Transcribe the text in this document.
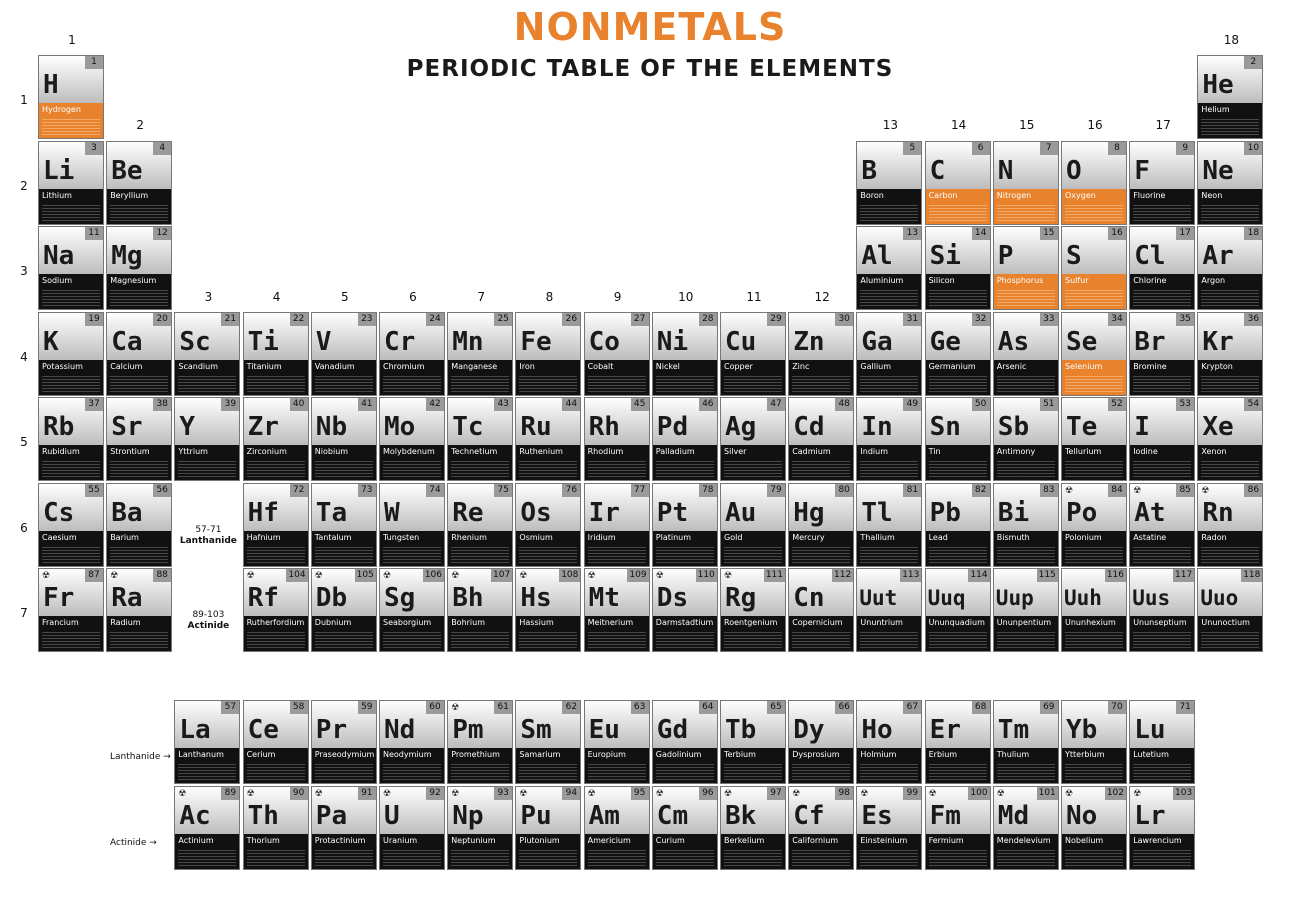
NONMETALS
PERIODIC TABLE OF THE ELEMENTS
1
2
3	4	5	6	7	8	9	10	11	12
13	14	15	16	17
18
1
2
3
4
5
6
7
1
H
Hydrogen
2
He
Helium
3
Li
Lithium
4
Be
Beryllium
5
B
Boron
6
C
Carbon
7
N
Nitrogen
8
O
Oxygen
9
F
Fluorine
10
Ne
Neon
11
Na
Sodium
12
Mg
Magnesium
13
Al
Aluminium
14
Si
Silicon
15
P
Phosphorus
16
S
Sulfur
17
Cl
Chlorine
18
Ar
Argon
19
K
Potassium
20
Ca
Calcium
21
Sc
Scandium
22
Ti
Titanium
23
V
Vanadium
24
Cr
Chromium
25
Mn
Manganese
26
Fe
Iron
27
Co
Cobalt
28
Ni
Nickel
29
Cu
Copper
30
Zn
Zinc
31
Ga
Gallium
32
Ge
Germanium
33
As
Arsenic
34
Se
Selenium
35
Br
Bromine
36
Kr
Krypton
37
Rb
Rubidium
38
Sr
Strontium
39
Y
Yttrium
40
Zr
Zirconium
41
Nb
Niobium
42
Mo
Molybdenum
43
Tc
Technetium
44
Ru
Ruthenium
45
Rh
Rhodium
46
Pd
Palladium
47
Ag
Silver
48
Cd
Cadmium
49
In
Indium
50
Sn
Tin
51
Sb
Antimony
52
Te
Tellurium
53
I
Iodine
54
Xe
Xenon
55
Cs
Caesium
56
Ba
Barium
72
Hf
Hafnium
73
Ta
Tantalum
74
W
Tungsten
75
Re
Rhenium
76
Os
Osmium
77
Ir
Iridium
78
Pt
Platinum
79
Au
Gold
80
Hg
Mercury
81
Tl
Thallium
82
Pb
Lead
83
Bi
Bismuth
☢	84
Po
Polonium
☢	85
At
Astatine
☢	86
Rn
Radon
☢	87
Fr
Francium
☢	88
Ra
Radium
☢	104
Rf
Rutherfordium
☢	105
Db
Dubnium
☢	106
Sg
Seaborgium
☢	107
Bh
Bohrium
☢	108
Hs
Hassium
☢	109
Mt
Meitnerium
☢	110
Ds
Darmstadtium
☢	111
Rg
Roentgenium
112
Cn
Copernicium
113
Uut
Ununtrium
114
Uuq
Ununquadium
115
Uup
Ununpentium
116
Uuh
Ununhexium
117
Uus
Ununseptium
118
Uuo
Ununoctium
57
La
Lanthanum
58
Ce
Cerium
59
Pr
Praseodymium
60
Nd
Neodymium
☢	61
Pm
Promethium
62
Sm
Samarium
63
Eu
Europium
64
Gd
Gadolinium
65
Tb
Terbium
66
Dy
Dysprosium
67
Ho
Holmium
68
Er
Erbium
69
Tm
Thulium
70
Yb
Ytterbium
71
Lu
Lutetium
☢	89
Ac
Actinium
☢	90
Th
Thorium
☢	91
Pa
Protactinium
☢	92
U
Uranium
☢	93
Np
Neptunium
☢	94
Pu
Plutonium
☢	95
Am
Americium
☢	96
Cm
Curium
☢	97
Bk
Berkelium
☢	98
Cf
Californium
☢	99
Es
Einsteinium
☢	100
Fm
Fermium
☢	101
Md
Mendelevium
☢	102
No
Nobelium
☢	103
Lr
Lawrencium
57-71
Lanthanide
89-103
Actinide
Lanthanide →
Actinide →
